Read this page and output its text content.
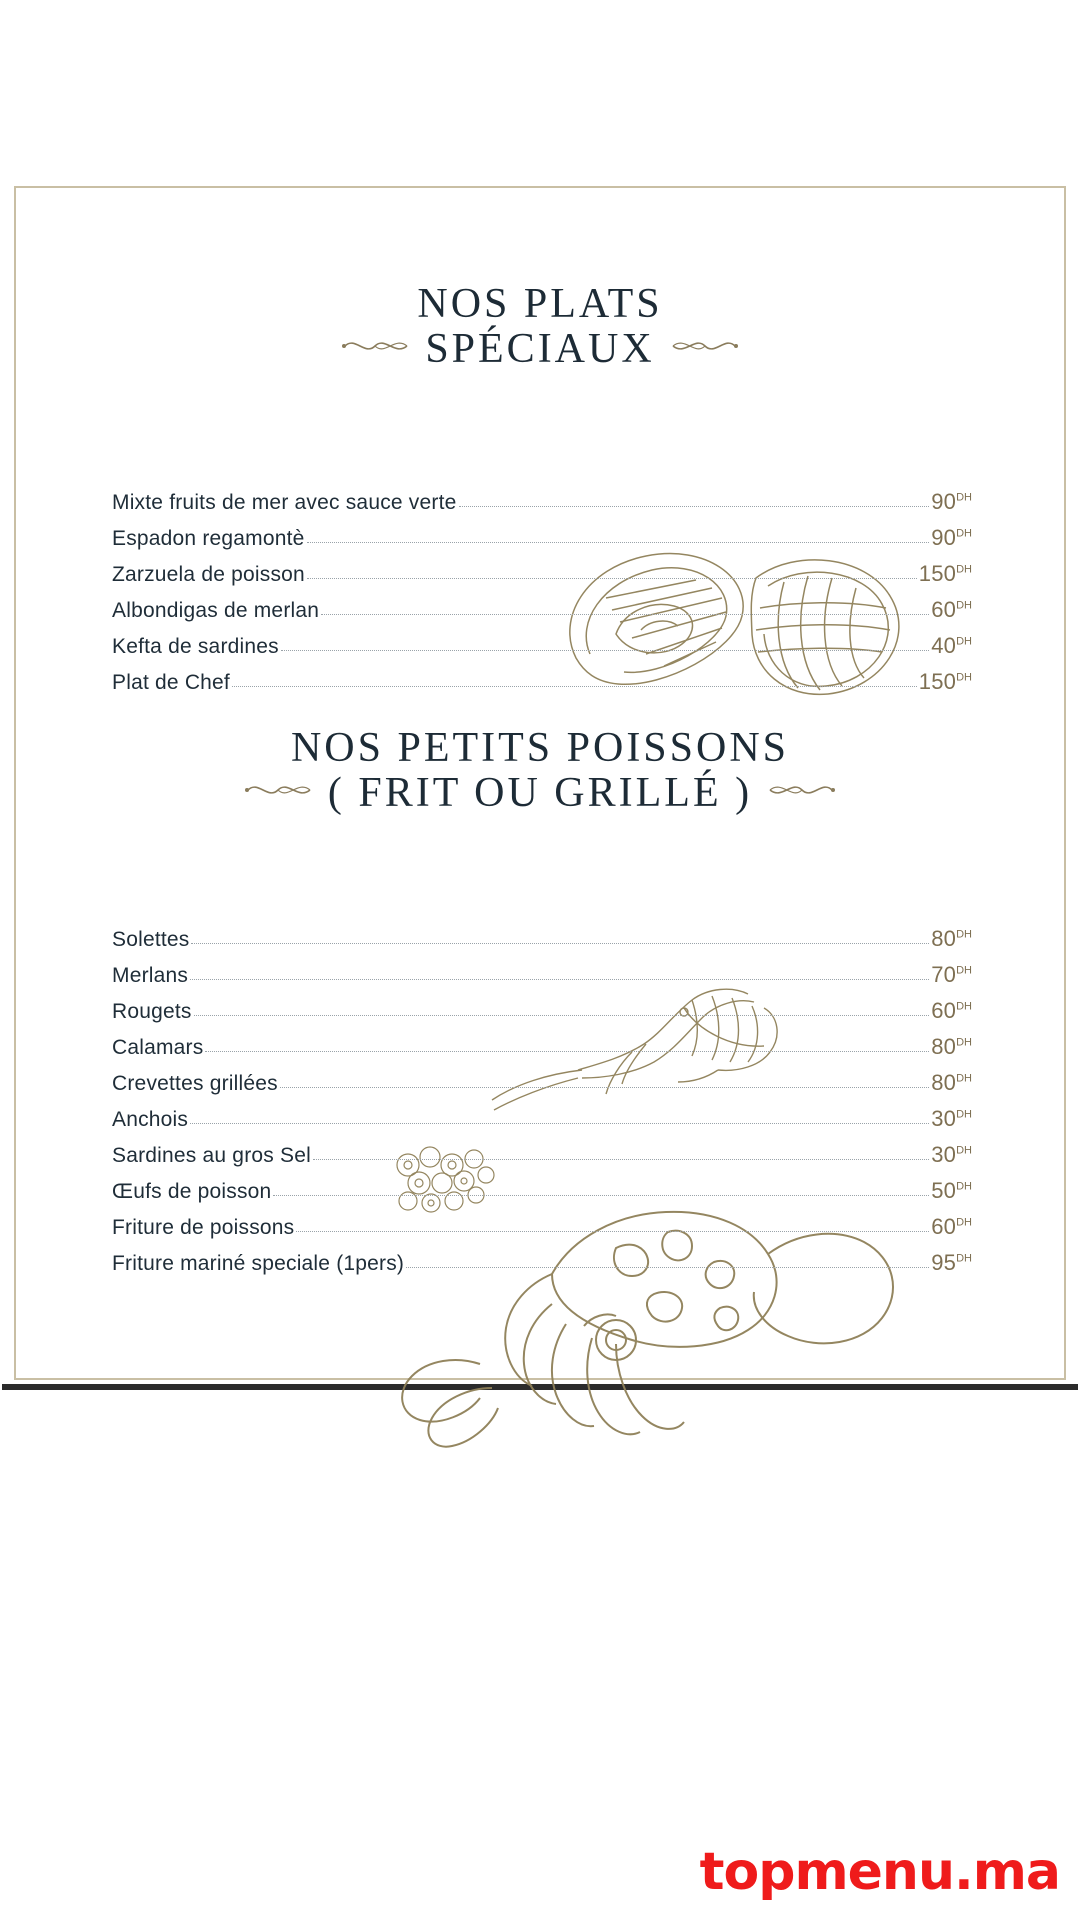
NOS PLATS
SPÉCIAUX
Mixte fruits de mer avec sauce verte	$90^{DH}$
Espadon regamontè	$90^{DH}$
Zarzuela de poisson	$150^{DH}$
Albondigas de merlan	$60^{DH}$
Kefta de sardines	$40^{DH}$
Plat de Chef	$150^{DH}$
NOS PETITS POISSONS
( FRIT OU GRILLÉ )
Solettes	$80^{DH}$
Merlans	$70^{DH}$
Rougets	$60^{DH}$
Calamars	$80^{DH}$
Crevettes grillées	$80^{DH}$
Anchois	$30^{DH}$
Sardines au gros Sel	$30^{DH}$
Œufs de poisson	$50^{DH}$
Friture de poissons	$60^{DH}$
Friture mariné speciale (1pers)	$95^{DH}$
topmenu.ma
